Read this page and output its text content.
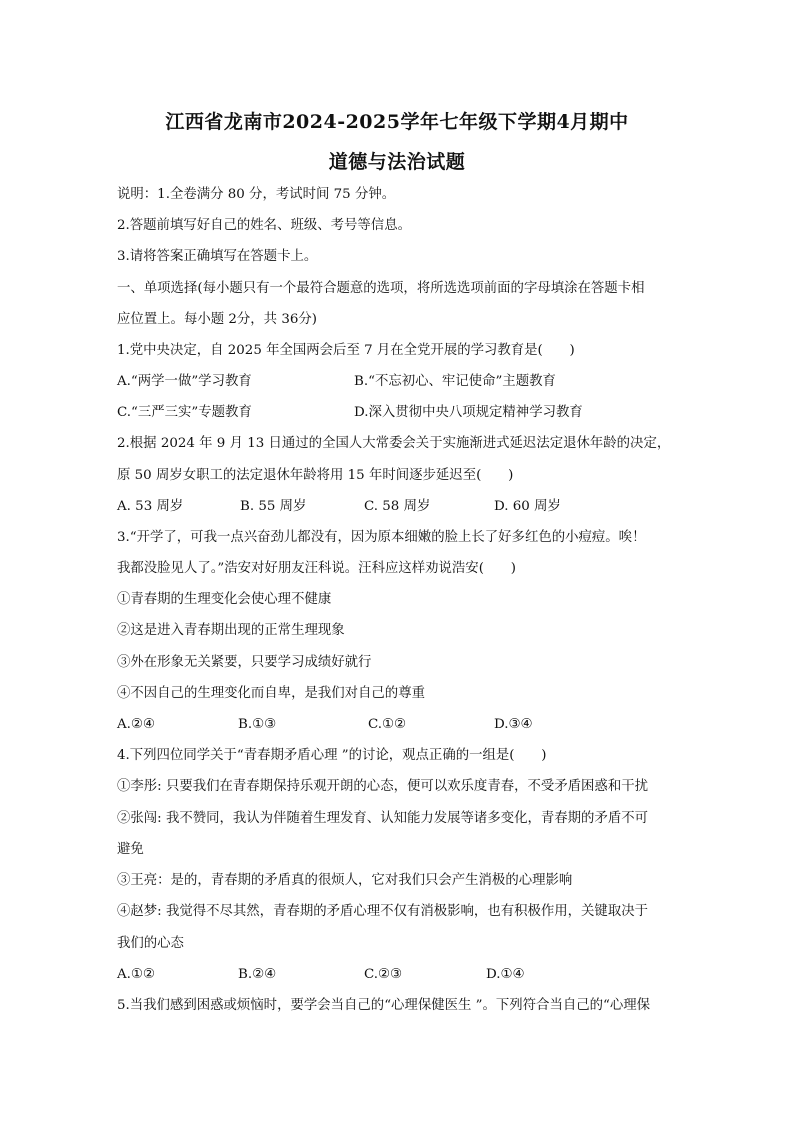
江西省龙南市2024-2025学年七年级下学期4月期中
道德与法治试题
说明：1.全卷满分 80 分，考试时间 75 分钟。
2.答题前填写好自己的姓名、班级、考号等信息。
3.请将答案正确填写在答题卡上。
一、单项选择(每小题只有一个最符合题意的选项，将所选选项前面的字母填涂在答题卡相
应位置上。每小题 2分，共 36分)
1.党中央决定，自 2025 年全国两会后至 7 月在全党开展的学习教育是(　　)
A.“两学一做”学习教育	B.“不忘初心、牢记使命”主题教育
C.“三严三实”专题教育	D.深入贯彻中央八项规定精神学习教育
2.根据 2024 年 9 月 13 日通过的全国人大常委会关于实施渐进式延迟法定退休年龄的决定，
原 50 周岁女职工的法定退休年龄将用 15 年时间逐步延迟至(　　)
A. 53 周岁	B. 55 周岁	C. 58 周岁	D. 60 周岁
3.“开学了，可我一点兴奋劲儿都没有，因为原本细嫩的脸上长了好多红色的小痘痘。唉！
我都没脸见人了。”浩安对好朋友汪科说。汪科应这样劝说浩安(　　)
①青春期的生理变化会使心理不健康
②这是进入青春期出现的正常生理现象
③外在形象无关紧要，只要学习成绩好就行
④不因自己的生理变化而自卑，是我们对自己的尊重
A.②④	B.①③	C.①②	D.③④
4.下列四位同学关于“青春期矛盾心理 ”的讨论，观点正确的一组是(　　)
①李彤: 只要我们在青春期保持乐观开朗的心态，便可以欢乐度青春，不受矛盾困惑和干扰
②张闯: 我不赞同，我认为伴随着生理发育、认知能力发展等诸多变化，青春期的矛盾不可
避免
③王亮：是的，青春期的矛盾真的很烦人，它对我们只会产生消极的心理影响
④赵梦: 我觉得不尽其然，青春期的矛盾心理不仅有消极影响，也有积极作用，关键取决于
我们的心态
A.①②	B.②④	C.②③	D.①④
5.当我们感到困惑或烦恼时，要学会当自己的“心理保健医生 ”。下列符合当自己的“心理保
